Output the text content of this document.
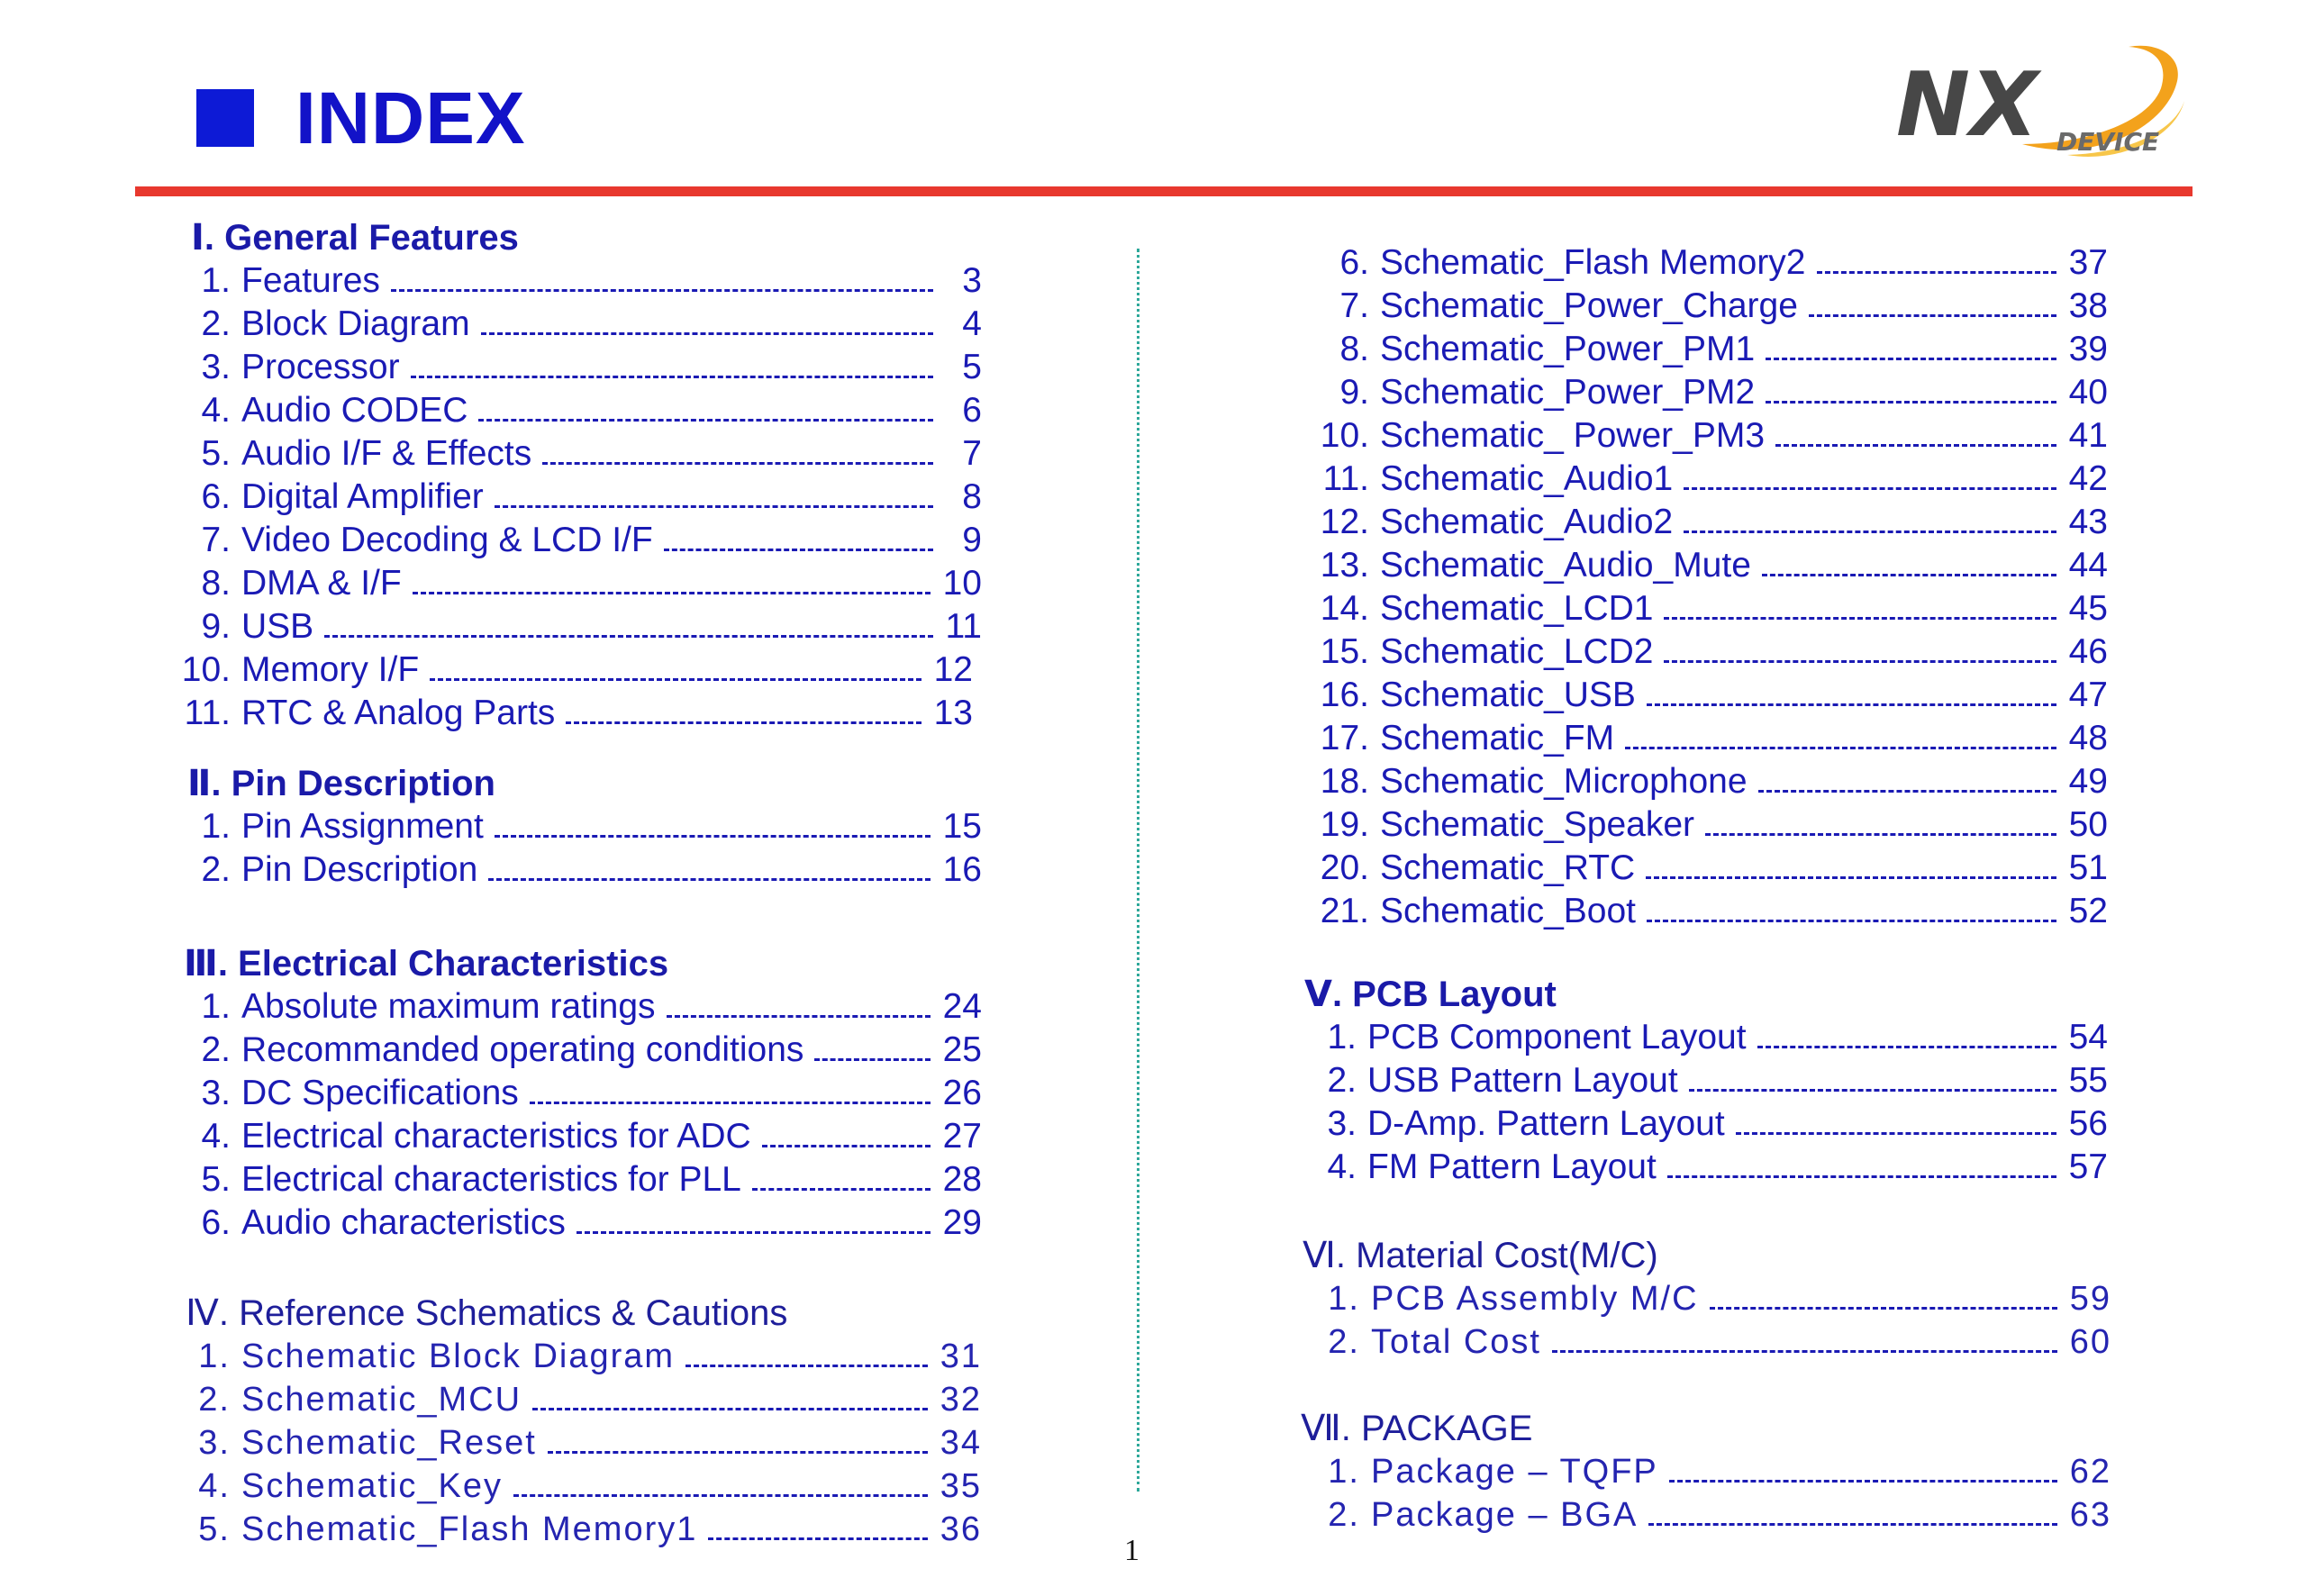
INDEX	NX DEVICE
Ⅰ. General Features
1. Features	3
2. Block Diagram	4
3. Processor	5
4. Audio CODEC	6
5. Audio I/F & Effects	7
6. Digital Amplifier	8
7. Video Decoding & LCD I/F	9
8. DMA & I/F	10
9. USB	11
10. Memory I/F	12
11. RTC & Analog Parts	13
Ⅱ. Pin Description
1. Pin Assignment	15
2. Pin Description	16
Ⅲ. Electrical Characteristics
1. Absolute maximum ratings	24
2. Recommanded operating conditions	25
3. DC Specifications	26
4. Electrical characteristics for ADC	27
5. Electrical characteristics for PLL	28
6. Audio characteristics	29
Ⅳ. Reference Schematics & Cautions
1. Schematic Block Diagram	31
2. Schematic_MCU	32
3. Schematic_Reset	34
4. Schematic_Key	35
5. Schematic_Flash Memory1	36
6. Schematic_Flash Memory2	37
7. Schematic_Power_Charge	38
8. Schematic_Power_PM1	39
9. Schematic_Power_PM2	40
10. Schematic_ Power_PM3	41
11. Schematic_Audio1	42
12. Schematic_Audio2	43
13. Schematic_Audio_Mute	44
14. Schematic_LCD1	45
15. Schematic_LCD2	46
16. Schematic_USB	47
17. Schematic_FM	48
18. Schematic_Microphone	49
19. Schematic_Speaker	50
20. Schematic_RTC	51
21. Schematic_Boot	52
Ⅴ. PCB Layout
1. PCB Component Layout	54
2. USB Pattern Layout	55
3. D-Amp. Pattern Layout	56
4. FM Pattern Layout	57
Ⅵ. Material Cost(M/C)
1. PCB Assembly M/C	59
2. Total Cost	60
Ⅶ. PACKAGE
1. Package – TQFP	62
2. Package – BGA	63
1
